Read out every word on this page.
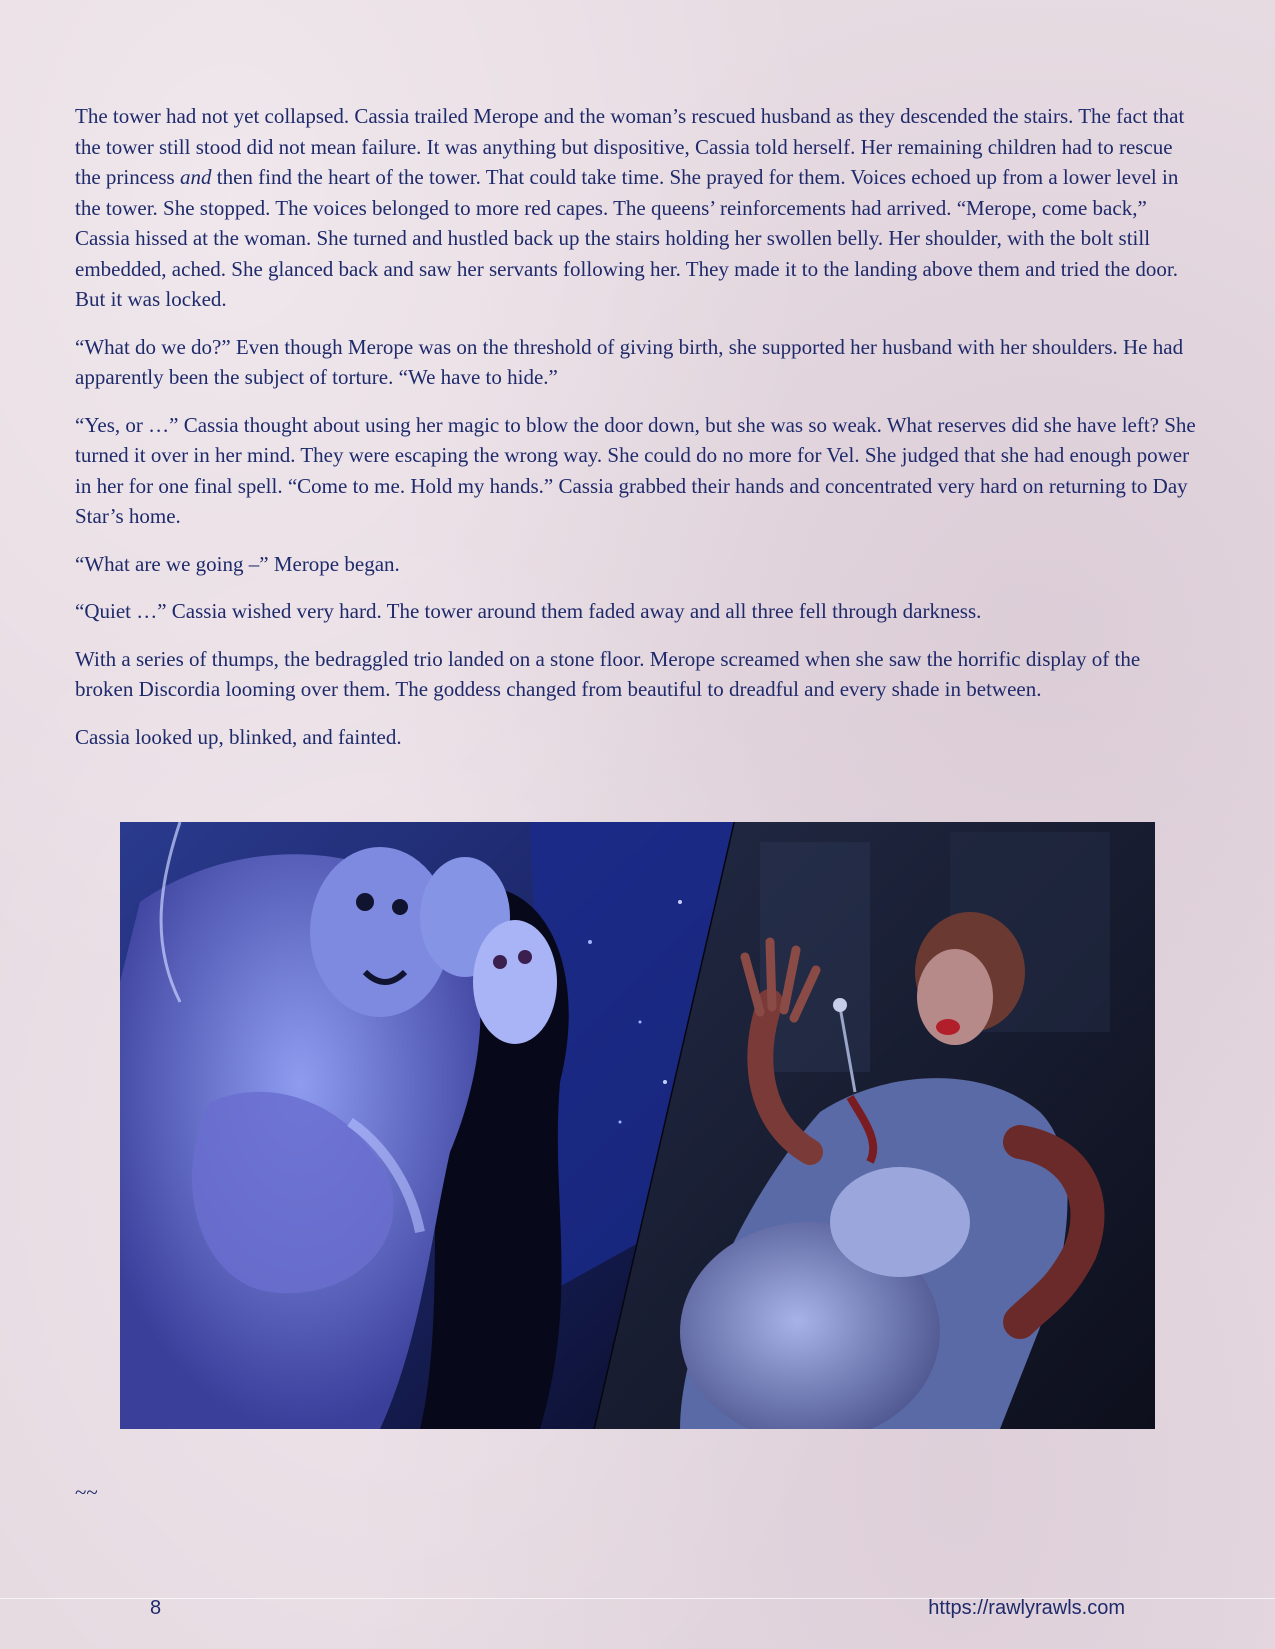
The tower had not yet collapsed. Cassia trailed Merope and the woman’s rescued husband as they descended the stairs. The fact that the tower still stood did not mean failure. It was anything but dispositive, Cassia told herself. Her remaining children had to rescue the princess and then find the heart of the tower. That could take time. She prayed for them. Voices echoed up from a lower level in the tower. She stopped. The voices belonged to more red capes. The queens’ reinforcements had arrived. “Merope, come back,” Cassia hissed at the woman. She turned and hustled back up the stairs holding her swollen belly. Her shoulder, with the bolt still embedded, ached. She glanced back and saw her servants following her. They made it to the landing above them and tried the door. But it was locked.

“What do we do?” Even though Merope was on the threshold of giving birth, she supported her husband with her shoulders. He had apparently been the subject of torture. “We have to hide.”

“Yes, or …” Cassia thought about using her magic to blow the door down, but she was so weak. What reserves did she have left? She turned it over in her mind. They were escaping the wrong way. She could do no more for Vel. She judged that she had enough power in her for one final spell. “Come to me. Hold my hands.” Cassia grabbed their hands and concentrated very hard on returning to Day Star’s home.

“What are we going –” Merope began.

“Quiet …” Cassia wished very hard. The tower around them faded away and all three fell through darkness.

With a series of thumps, the bedraggled trio landed on a stone floor. Merope screamed when she saw the horrific display of the broken Discordia looming over them. The goddess changed from beautiful to dreadful and every shade in between.

Cassia looked up, blinked, and fainted.

~~
8	https://rawlyrawls.com
